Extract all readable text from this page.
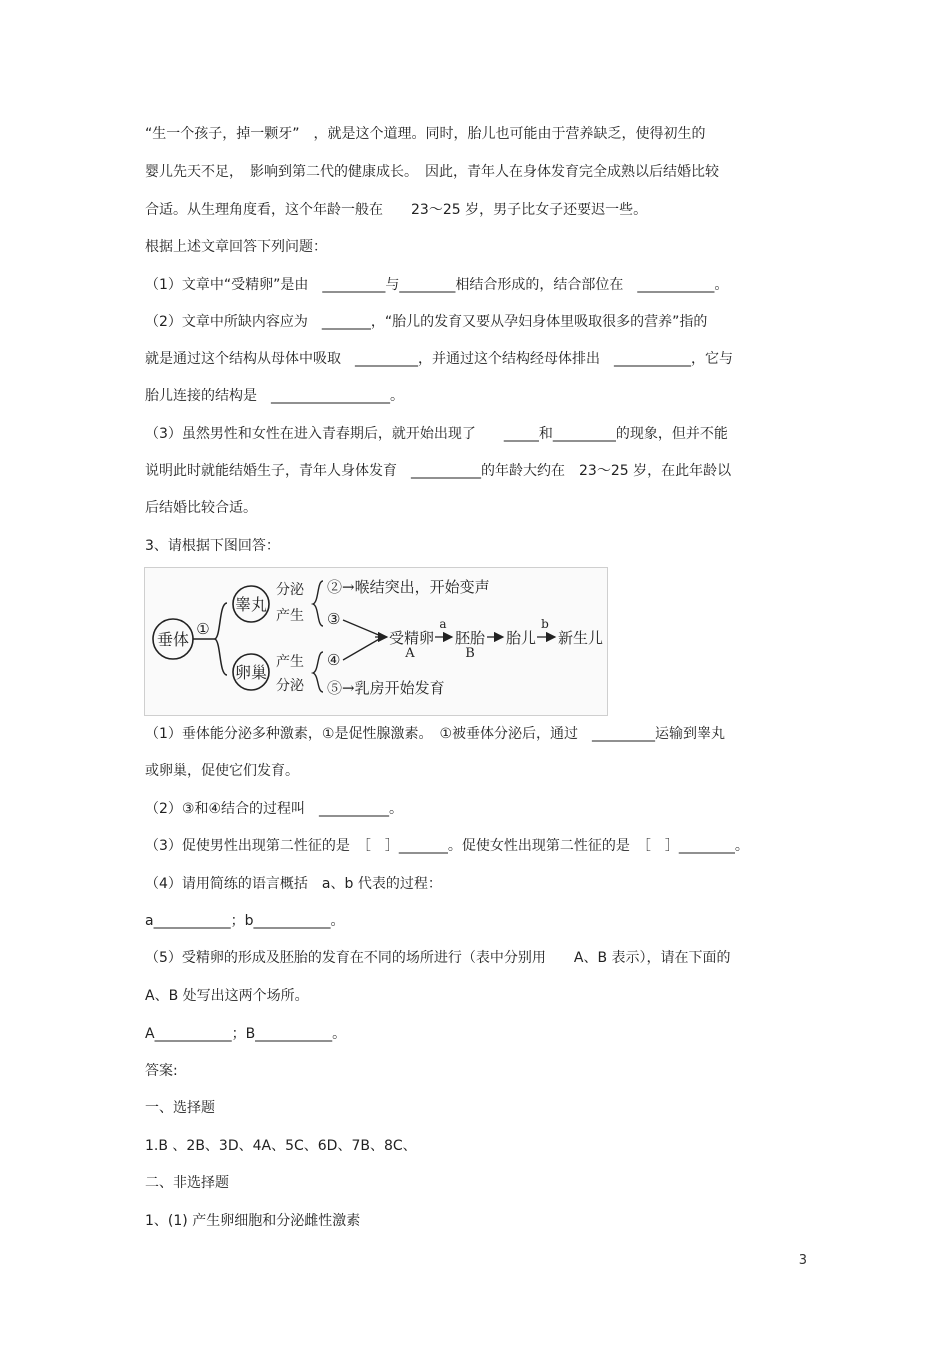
“生一个孩子，掉一颗牙”　，就是这个道理。同时，胎儿也可能由于营养缺乏，使得初生的
婴儿先天不足，　影响到第二代的健康成长。　因此，青年人在身体发育完全成熟以后结婚比较
合适。从生理角度看，这个年龄一般在　　23～25 岁，男子比女子还要迟一些。
根据上述文章回答下列问题：
（1）文章中“受精卵”是由　_________与________相结合形成的，结合部位在　___________。
（2）文章中所缺内容应为　_______，“胎儿的发育又要从孕妇身体里吸取很多的营养”指的
就是通过这个结构从母体中吸取　_________，并通过这个结构经母体排出　___________，它与
胎儿连接的结构是　_________________。
（3）虽然男性和女性在进入青春期后，就开始出现了　　_____和_________的现象，但并不能
说明此时就能结婚生子，青年人身体发育　__________的年龄大约在　23～25 岁，在此年龄以
后结婚比较合适。
3、请根据下图回答：
垂体
①
睾丸
分泌
产生
卵巢
产生
分泌
②→喉结突出，开始变声
③
④
⑤→乳房开始发育
受精卵
A
a
胚胎
B
胎儿
b
新生儿
（1）垂体能分泌多种激素，①是促性腺激素。　①被垂体分泌后，通过　_________运输到睾丸
或卵巢，促使它们发育。
（2）③和④结合的过程叫　__________。
（3）促使男性出现第二性征的是　［　］_______。促使女性出现第二性征的是　［　］________。
（4）请用简练的语言概括　a、b 代表的过程：
a___________；b___________。
（5）受精卵的形成及胚胎的发育在不同的场所进行（表中分别用　　A、B 表示），请在下面的
A、B 处写出这两个场所。
A___________；B___________。
答案:
一、选择题
1.B 、2B、3D、4A、5C、6D、7B、8C、
二、非选择题
1、(1) 产生卵细胞和分泌雌性激素
3
